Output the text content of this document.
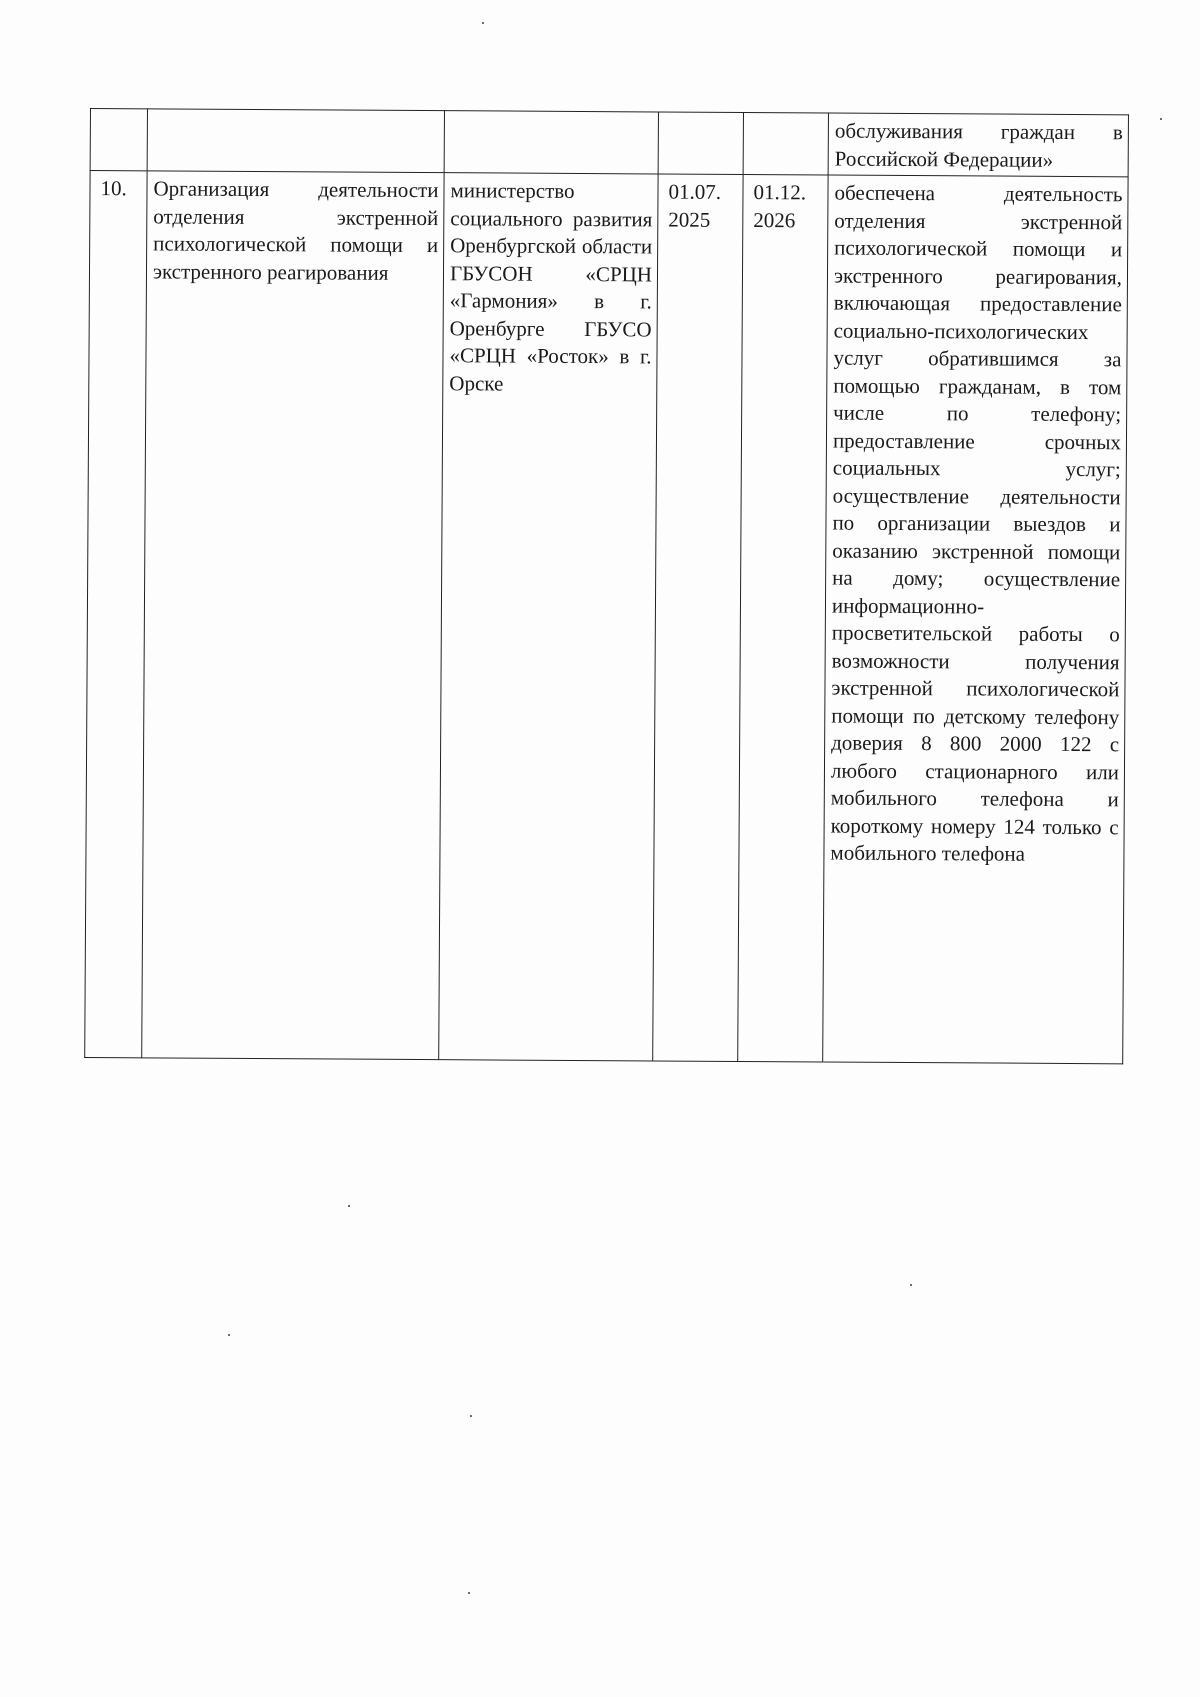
					обслуживания граждан в Российской Федерации»
10.	Организация деятельности отделения экстренной психологической помощи и экстренного реагирования	министерство социального развития Оренбургской области ГБУСОН «СРЦН «Гармония» в г. Оренбурге ГБУСО «СРЦН «Росток» в г. Орске	01.07. 2025	01.12. 2026	обеспечена деятельность отделения экстренной психологической помощи и экстренного реагирования, включающая предоставление социально-психологических услуг обратившимся за помощью гражданам, в том числе по телефону; предоставление срочных социальных услуг; осуществление деятельности по организации выездов и оказанию экстренной помощи на дому; осуществление информационно-просветительской работы о возможности получения экстренной психологической помощи по детскому телефону доверия 8 800 2000 122 с любого стационарного или мобильного телефона и короткому номеру 124 только с мобильного телефона
